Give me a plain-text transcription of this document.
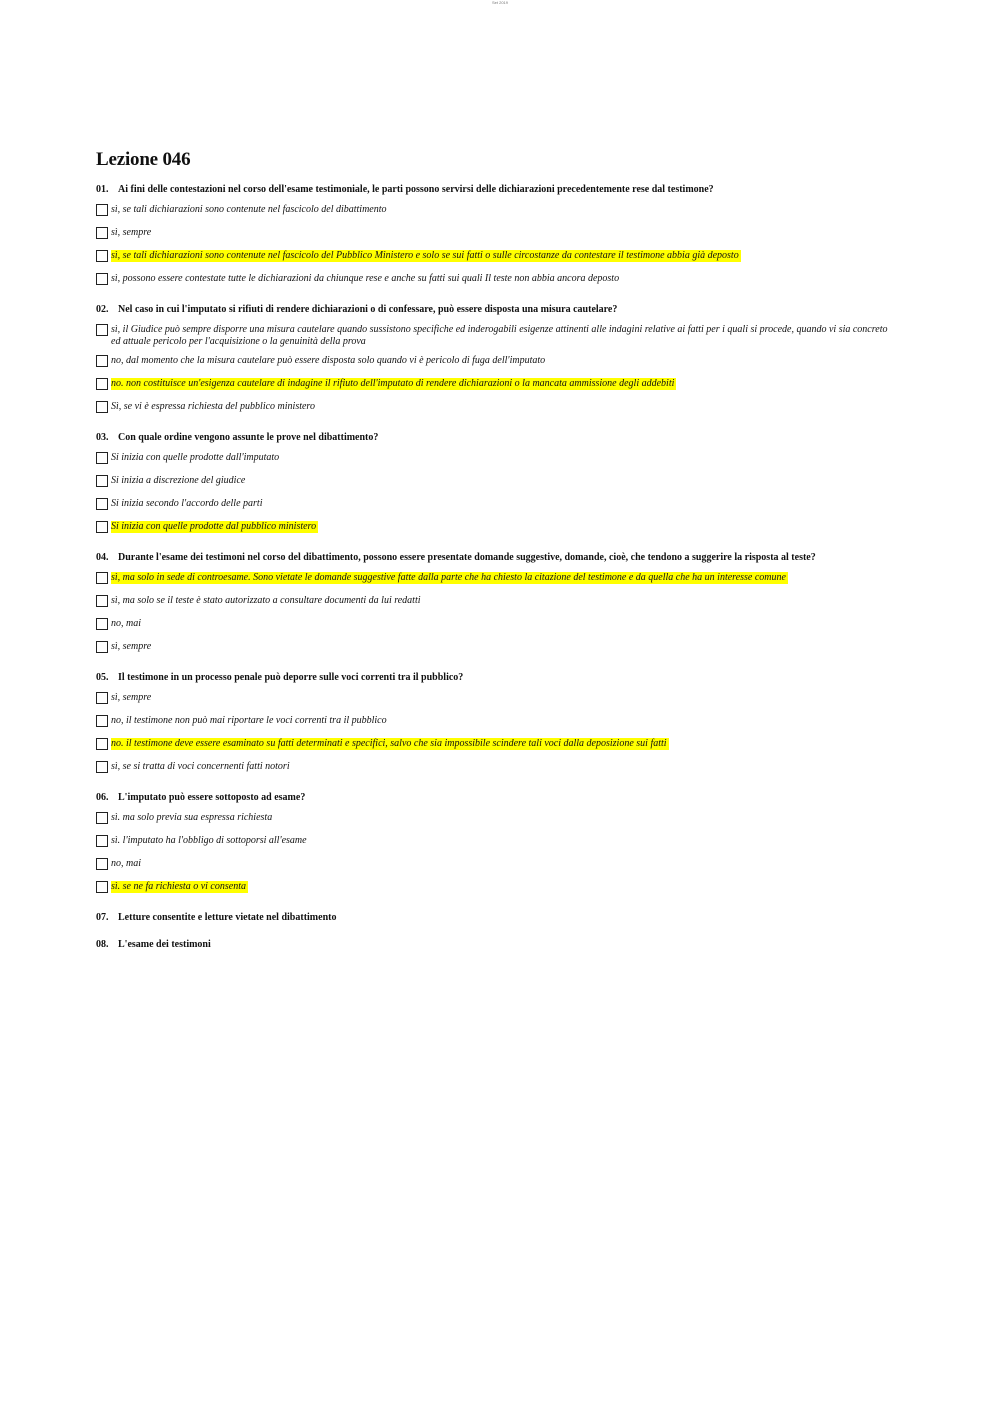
Set 2019
Lezione 046
01. Ai fini delle contestazioni nel corso dell'esame testimoniale, le parti possono servirsi delle dichiarazioni precedentemente rese dal testimone?
sì, se tali dichiarazioni sono contenute nel fascicolo del dibattimento
sì, sempre
sì, se tali dichiarazioni sono contenute nel fascicolo del Pubblico Ministero e solo se sui fatti o sulle circostanze da contestare il testimone abbia già deposto
sì, possono essere contestate tutte le dichiarazioni da chiunque rese e anche su fatti sui quali Il teste non abbia ancora deposto
02. Nel caso in cui l'imputato si rifiuti di rendere dichiarazioni o di confessare, può essere disposta una misura cautelare?
sì, il Giudice può sempre disporre una misura cautelare quando sussistono specifiche ed inderogabili esigenze attinenti alle indagini relative ai fatti per i quali si procede, quando vi sia concreto ed attuale pericolo per l'acquisizione o la genuinità della prova
no, dal momento che la misura cautelare può essere disposta solo quando vi è pericolo di fuga dell'imputato
no. non costituisce un'esigenza cautelare di indagine il rifiuto dell'imputato di rendere dichiarazioni o la mancata ammissione degli addebiti
Sì, se vi è espressa richiesta del pubblico ministero
03. Con quale ordine vengono assunte le prove nel dibattimento?
Si inizia con quelle prodotte dall'imputato
Si inizia a discrezione del giudice
Si inizia secondo l'accordo delle parti
Si inizia con quelle prodotte dal pubblico ministero
04. Durante l'esame dei testimoni nel corso del dibattimento, possono essere presentate domande suggestive, domande, cioè, che tendono a suggerire la risposta al teste?
sì, ma solo in sede di controesame. Sono vietate le domande suggestive fatte dalla parte che ha chiesto la citazione del testimone e da quella che ha un interesse comune
sì, ma solo se il teste è stato autorizzato a consultare documenti da lui redatti
no, mai
sì, sempre
05. Il testimone in un processo penale può deporre sulle voci correnti tra il pubblico?
sì, sempre
no, il testimone non può mai riportare le voci correnti tra il pubblico
no. il testimone deve essere esaminato su fatti determinati e specifici, salvo che sia impossibile scindere tali voci dalla deposizione sui fatti
sì, se si tratta di voci concernenti fatti notori
06. L'imputato può essere sottoposto ad esame?
sì. ma solo previa sua espressa richiesta
sì. l'imputato ha l'obbligo di sottoporsi all'esame
no, mai
sì. se ne fa richiesta o vi consenta
07. Letture consentite e letture vietate nel dibattimento
08. L'esame dei testimoni
